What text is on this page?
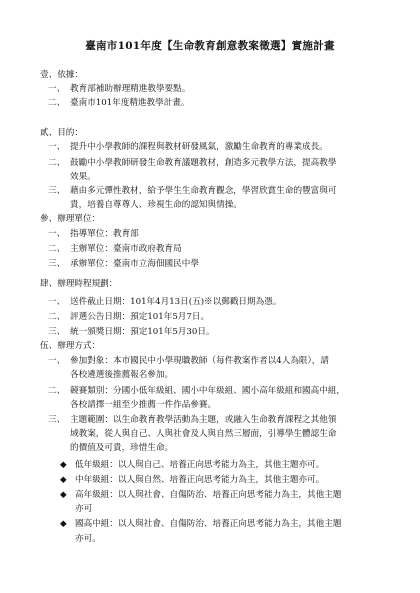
臺南市101年度【生命教育創意教案徵選】實施計畫
壹、依據：
一、 教育部補助辦理精進教學要點。
二、 臺南市101年度精進教學計畫。
貳、目的：
一、 提升中小學教師的課程與教材研發風氣，激勵生命教育的專業成長。
二、 鼓勵中小學教師研發生命教育議題教材，創造多元教學方法，提高教學
效果。
三、 藉由多元彈性教材，給予學生生命教育觀念，學習欣賞生命的豐富與可
貴，培養自尊尊人、珍視生命的認知與情操。
參、辦理單位：
一、 指導單位：教育部
二、 主辦單位：臺南市政府教育局
三、 承辦單位：臺南市立海佃國民中學
肆、辦理時程規劃：
一、 送件截止日期：101年4月13日(五)※以郵戳日期為憑。
二、 評選公告日期：預定101年5月7日。
三、 統一頒獎日期：預定101年5月30日。
伍、辦理方式：
一、 參加對象：本市國民中小學現職教師（每件教案作者以4人為限），請
各校遴選後推薦報名參加。
二、 競賽類別：分國小低年級組、國小中年級組、國小高年級組和國高中組，
各校請擇一組至少推薦一件作品參賽。
三、 主題範圍：以生命教育教學活動為主題，或融入生命教育課程之其他領
域教案，從人與自己、人與社會及人與自然三層面，引導學生體認生命
的價值及可貴，珍惜生命。
◆ 低年級組：以人與自己、培養正向思考能力為主，其他主題亦可。
◆ 中年級組：以人與自然、培養正向思考能力為主，其他主題亦可。
◆ 高年級組：以人與社會、自傷防治、培養正向思考能力為主，其他主題
亦可
◆ 國高中組：以人與社會、自傷防治、培養正向思考能力為主，其他主題
亦可。
